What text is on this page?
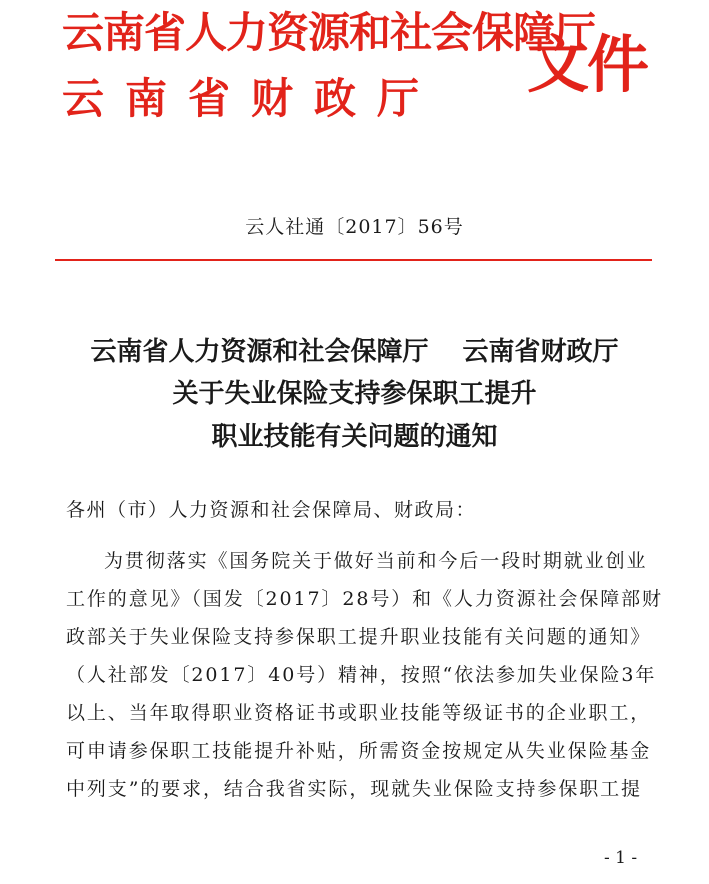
云南省人力资源和社会保障厅
云南省财政厅 文件
云人社通〔2017〕56号
云南省人力资源和社会保障厅 云南省财政厅
关于失业保险支持参保职工提升
职业技能有关问题的通知
各州（市）人力资源和社会保障局、财政局：
为贯彻落实《国务院关于做好当前和今后一段时期就业创业
工作的意见》（国发〔2017〕28号）和《人力资源社会保障部财
政部关于失业保险支持参保职工提升职业技能有关问题的通知》
（人社部发〔2017〕40号）精神，按照“依法参加失业保险3年
以上、当年取得职业资格证书或职业技能等级证书的企业职工，
可申请参保职工技能提升补贴，所需资金按规定从失业保险基金
中列支”的要求，结合我省实际，现就失业保险支持参保职工提
- 1 -
